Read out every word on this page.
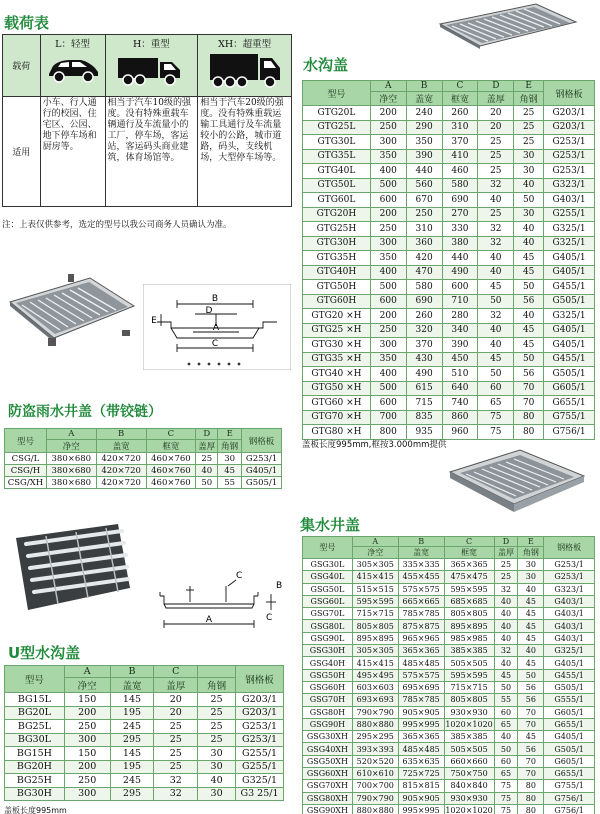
载荷表
载荷	L：轻型	H：重型	XH：超重型

适用	小车、行人通行的校园、住宅区、公园、地下停车场和厨房等。	相当于汽车10级的强度。没有特殊重载车辆通行及车流量小的工厂，停车场，客运站，客运码头商业建筑，体育场馆等。	相当于汽车20级的强度。没有特殊重载运输工具通行及车流量较小的公路，城市道路，码头，支线机场，大型停车场等。
注：上表仅供参考，选定的型号以我公司商务人员确认为准。
水沟盖
型号	A	B	C	D	E	钢格板
	净空	盖宽	框宽	盖厚	角钢	
GTG20L	200	240	260	20	25	G203/1
GTG25L	250	290	310	20	25	G203/1
GTG30L	300	350	370	25	25	G253/1
GTG35L	350	390	410	25	30	G253/1
GTG40L	400	440	460	25	30	G253/1
GTG50L	500	560	580	32	40	G323/1
GTG60L	600	670	690	40	50	G403/1
GTG20H	200	250	270	25	30	G255/1
GTG25H	250	310	330	32	40	G325/1
GTG30H	300	360	380	32	40	G325/1
GTG35H	350	420	440	40	45	G405/1
GTG40H	400	470	490	40	45	G405/1
GTG50H	500	580	600	45	50	G455/1
GTG60H	600	690	710	50	56	G505/1
GTG20 ×H	200	260	280	32	40	G325/1
GTG25 ×H	250	320	340	40	45	G405/1
GTG30 ×H	300	370	390	40	45	G405/1
GTG35 ×H	350	430	450	45	50	G455/1
GTG40 ×H	400	490	510	50	56	G505/1
GTG50 ×H	500	615	640	60	70	G605/1
GTG60 ×H	600	715	740	65	70	G655/1
GTG70 ×H	700	835	860	75	80	G755/1
GTG80 ×H	800	935	960	75	80	G756/1
盖板长度995mm,框按3.000mm提供
B
D
E
A
C
防盗雨水井盖（带铰链）
型号	A	B	C	D	E	钢格板
	净空	盖宽	框宽	盖厚	角钢	
CSG/L	380×680	420×720	460×760	25	30	G253/1
CSG/H	380×680	420×720	460×760	40	45	G405/1
CSG/XH	380×680	420×720	460×760	50	55	G505/1
C
A
B
C
U型水沟盖
型号	A	B	C		钢格板
	净空	盖宽	盖厚	角钢	
BG15L	150	145	20	25	G203/1
BG20L	200	195	20	25	G203/1
BG25L	250	245	25	25	G253/1
BG30L	300	295	25	25	G253/1
BG15H	150	145	25	30	G255/1
BG20H	200	195	25	30	G255/1
BG25H	250	245	32	40	G325/1
BG30H	300	295	32	30	G3 25/1
盖板长度995mm
集水井盖
型号	A	B	C	D	E	钢格板
	净空	盖宽	框宽	盖厚	角钢	
GSG30L	305×305	335×335	365×365	25	30	G253/1
GSG40L	415×415	455×455	475×475	25	30	G253/1
GSG50L	515×515	575×575	595×595	32	40	G323/1
GSG60L	595×595	665×665	685×685	40	45	G403/1
GSG70L	715×715	785×785	805×805	40	45	G403/1
GSG80L	805×805	875×875	895×895	40	45	G403/1
GSG90L	895×895	965×965	985×985	40	45	G403/1
GSG30H	305×305	365×365	385×385	32	40	G325/1
GSG40H	415×415	485×485	505×505	40	45	G405/1
GSG50H	495×495	575×575	595×595	45	50	G455/1
GSG60H	603×603	695×695	715×715	50	56	G505/1
GSG70H	693×693	785×785	805×805	55	56	G555/1
GSG80H	790×790	905×905	930×930	60	70	G605/1
GSG90H	880×880	995×995	1020×1020	65	70	G655/1
GSG30XH	295×295	365×365	385×385	40	45	G405/1
GSG40XH	393×393	485×485	505×505	50	56	G505/1
GSG50XH	520×520	635×635	660×660	60	70	G605/1
GSG60XH	610×610	725×725	750×750	65	70	G655/1
GSG70XH	700×700	815×815	840×840	75	80	G755/1
GSG80XH	790×790	905×905	930×930	75	80	G756/1
GSG90XH	880×880	995×995	1020×1020	75	80	G756/1
